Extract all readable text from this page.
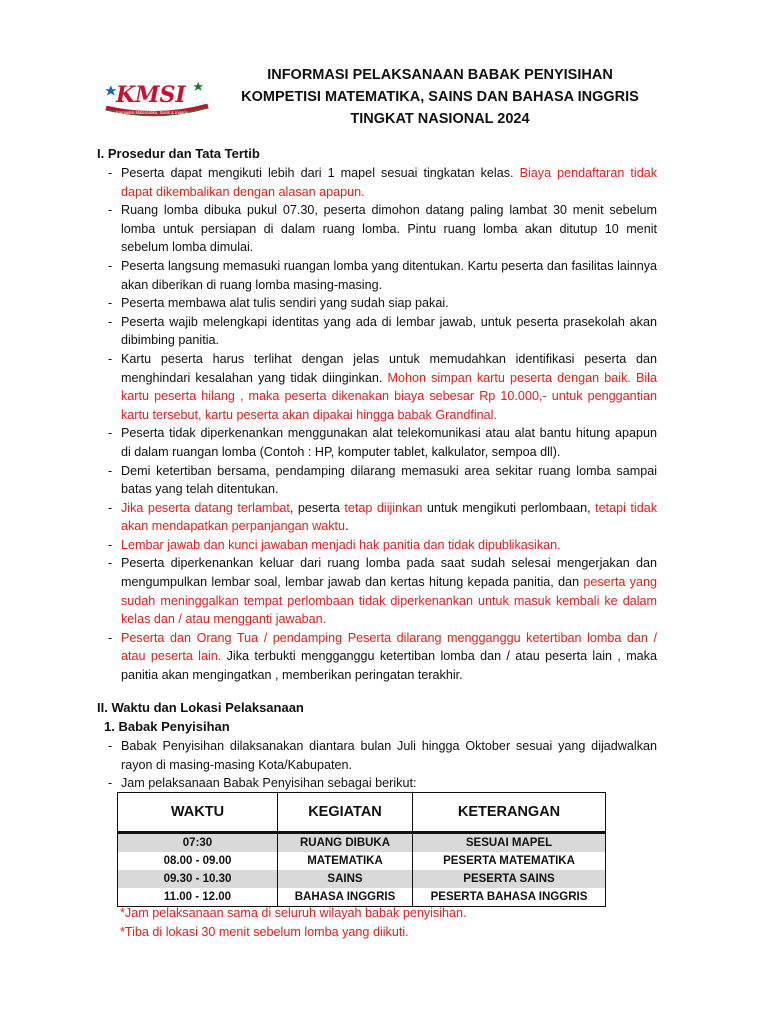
KMSI
Kompetisi Matematika, Sains & Inggris
INFORMASI PELAKSANAAN BABAK PENYISIHAN
KOMPETISI MATEMATIKA, SAINS DAN BAHASA INGGRIS
TINGKAT NASIONAL 2024
I. Prosedur dan Tata Tertib
- Peserta dapat mengikuti lebih dari 1 mapel sesuai tingkatan kelas. Biaya pendaftaran tidak dapat dikembalikan dengan alasan apapun.
- Ruang lomba dibuka pukul 07.30, peserta dimohon datang paling lambat 30 menit sebelum lomba untuk persiapan di dalam ruang lomba. Pintu ruang lomba akan ditutup 10 menit sebelum lomba dimulai.
- Peserta langsung memasuki ruangan lomba yang ditentukan. Kartu peserta dan fasilitas lainnya akan diberikan di ruang lomba masing-masing.
- Peserta membawa alat tulis sendiri yang sudah siap pakai.
- Peserta wajib melengkapi identitas yang ada di lembar jawab, untuk peserta prasekolah akan dibimbing panitia.
- Kartu peserta harus terlihat dengan jelas untuk memudahkan identifikasi peserta dan menghindari kesalahan yang tidak diinginkan. Mohon simpan kartu peserta dengan baik. Bila kartu peserta hilang , maka peserta dikenakan biaya sebesar Rp 10.000,- untuk penggantian kartu tersebut, kartu peserta akan dipakai hingga babak Grandfinal.
- Peserta tidak diperkenankan menggunakan alat telekomunikasi atau alat bantu hitung apapun di dalam ruangan lomba (Contoh : HP, komputer tablet, kalkulator, sempoa dll).
- Demi ketertiban bersama, pendamping dilarang memasuki area sekitar ruang lomba sampai batas yang telah ditentukan.
- Jika peserta datang terlambat, peserta tetap diijinkan untuk mengikuti perlombaan, tetapi tidak akan mendapatkan perpanjangan waktu.
- Lembar jawab dan kunci jawaban menjadi hak panitia dan tidak dipublikasikan.
- Peserta diperkenankan keluar dari ruang lomba pada saat sudah selesai mengerjakan dan mengumpulkan lembar soal, lembar jawab dan kertas hitung kepada panitia, dan peserta yang sudah meninggalkan tempat perlombaan tidak diperkenankan untuk masuk kembali ke dalam kelas dan / atau mengganti jawaban.
- Peserta dan Orang Tua / pendamping Peserta dilarang mengganggu ketertiban lomba dan / atau peserta lain. Jika terbukti mengganggu ketertiban lomba dan / atau peserta lain , maka panitia akan mengingatkan , memberikan peringatan terakhir.
II. Waktu dan Lokasi Pelaksanaan
1. Babak Penyisihan
- Babak Penyisihan dilaksanakan diantara bulan Juli hingga Oktober sesuai yang dijadwalkan rayon di masing-masing Kota/Kabupaten.
- Jam pelaksanaan Babak Penyisihan sebagai berikut:
WAKTU	KEGIATAN	KETERANGAN
07:30	RUANG DIBUKA	SESUAI MAPEL
08.00 - 09.00	MATEMATIKA	PESERTA MATEMATIKA
09.30 - 10.30	SAINS	PESERTA SAINS
11.00 - 12.00	BAHASA INGGRIS	PESERTA BAHASA INGGRIS
*Jam pelaksanaan sama di seluruh wilayah babak penyisihan.
*Tiba di lokasi 30 menit sebelum lomba yang diikuti.
